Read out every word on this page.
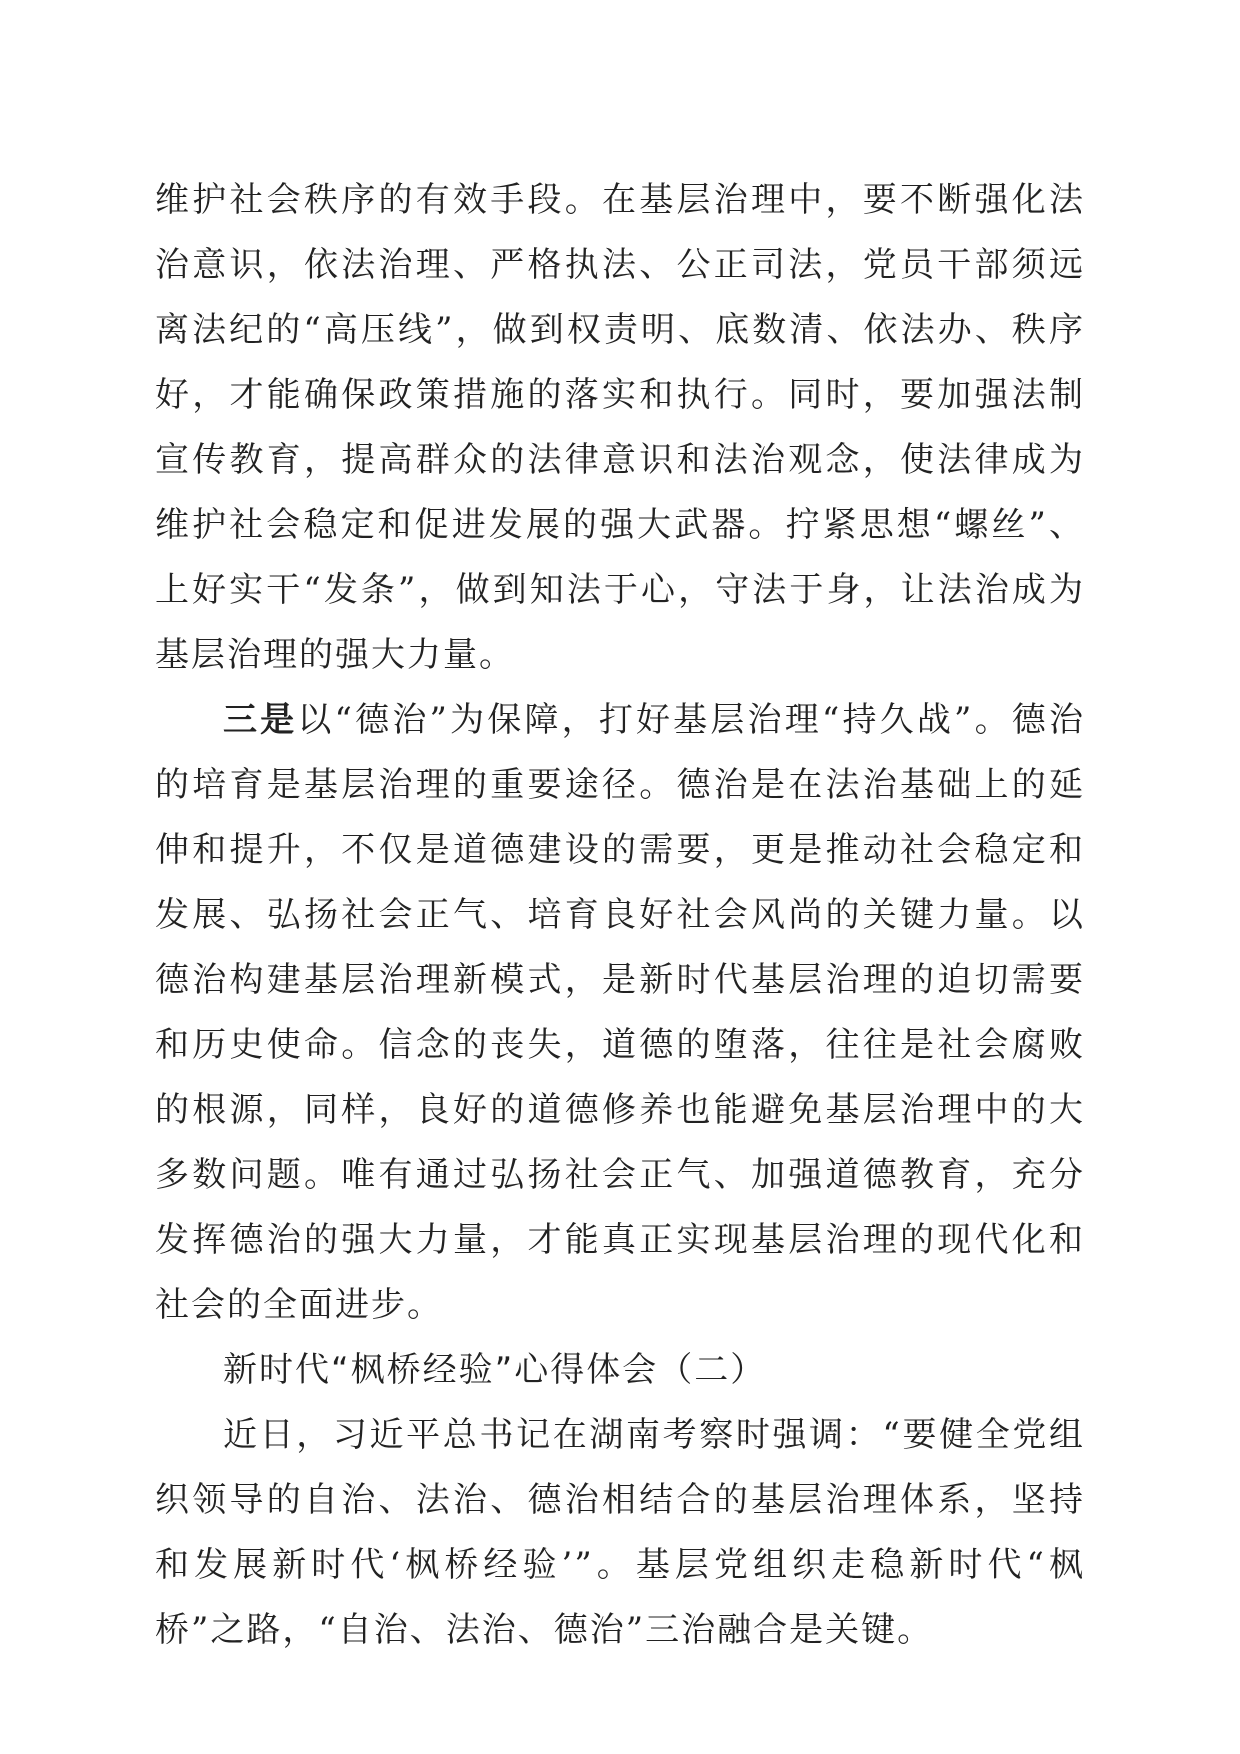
维护社会秩序的有效手段。在基层治理中，要不断强化法治意识，依法治理、严格执法、公正司法，党员干部须远离法纪的“高压线”，做到权责明、底数清、依法办、秩序好，才能确保政策措施的落实和执行。同时，要加强法制宣传教育，提高群众的法律意识和法治观念，使法律成为维护社会稳定和促进发展的强大武器。拧紧思想“螺丝”、上好实干“发条”，做到知法于心，守法于身，让法治成为基层治理的强大力量。

三是以“德治”为保障，打好基层治理“持久战”。德治的培育是基层治理的重要途径。德治是在法治基础上的延伸和提升，不仅是道德建设的需要，更是推动社会稳定和发展、弘扬社会正气、培育良好社会风尚的关键力量。以德治构建基层治理新模式，是新时代基层治理的迫切需要和历史使命。信念的丧失，道德的堕落，往往是社会腐败的根源，同样，良好的道德修养也能避免基层治理中的大多数问题。唯有通过弘扬社会正气、加强道德教育，充分发挥德治的强大力量，才能真正实现基层治理的现代化和社会的全面进步。

新时代“枫桥经验”心得体会（二）

近日，习近平总书记在湖南考察时强调：“要健全党组织领导的自治、法治、德治相结合的基层治理体系，坚持和发展新时代‘枫桥经验’”。基层党组织走稳新时代“枫桥”之路，“自治、法治、德治”三治融合是关键。
